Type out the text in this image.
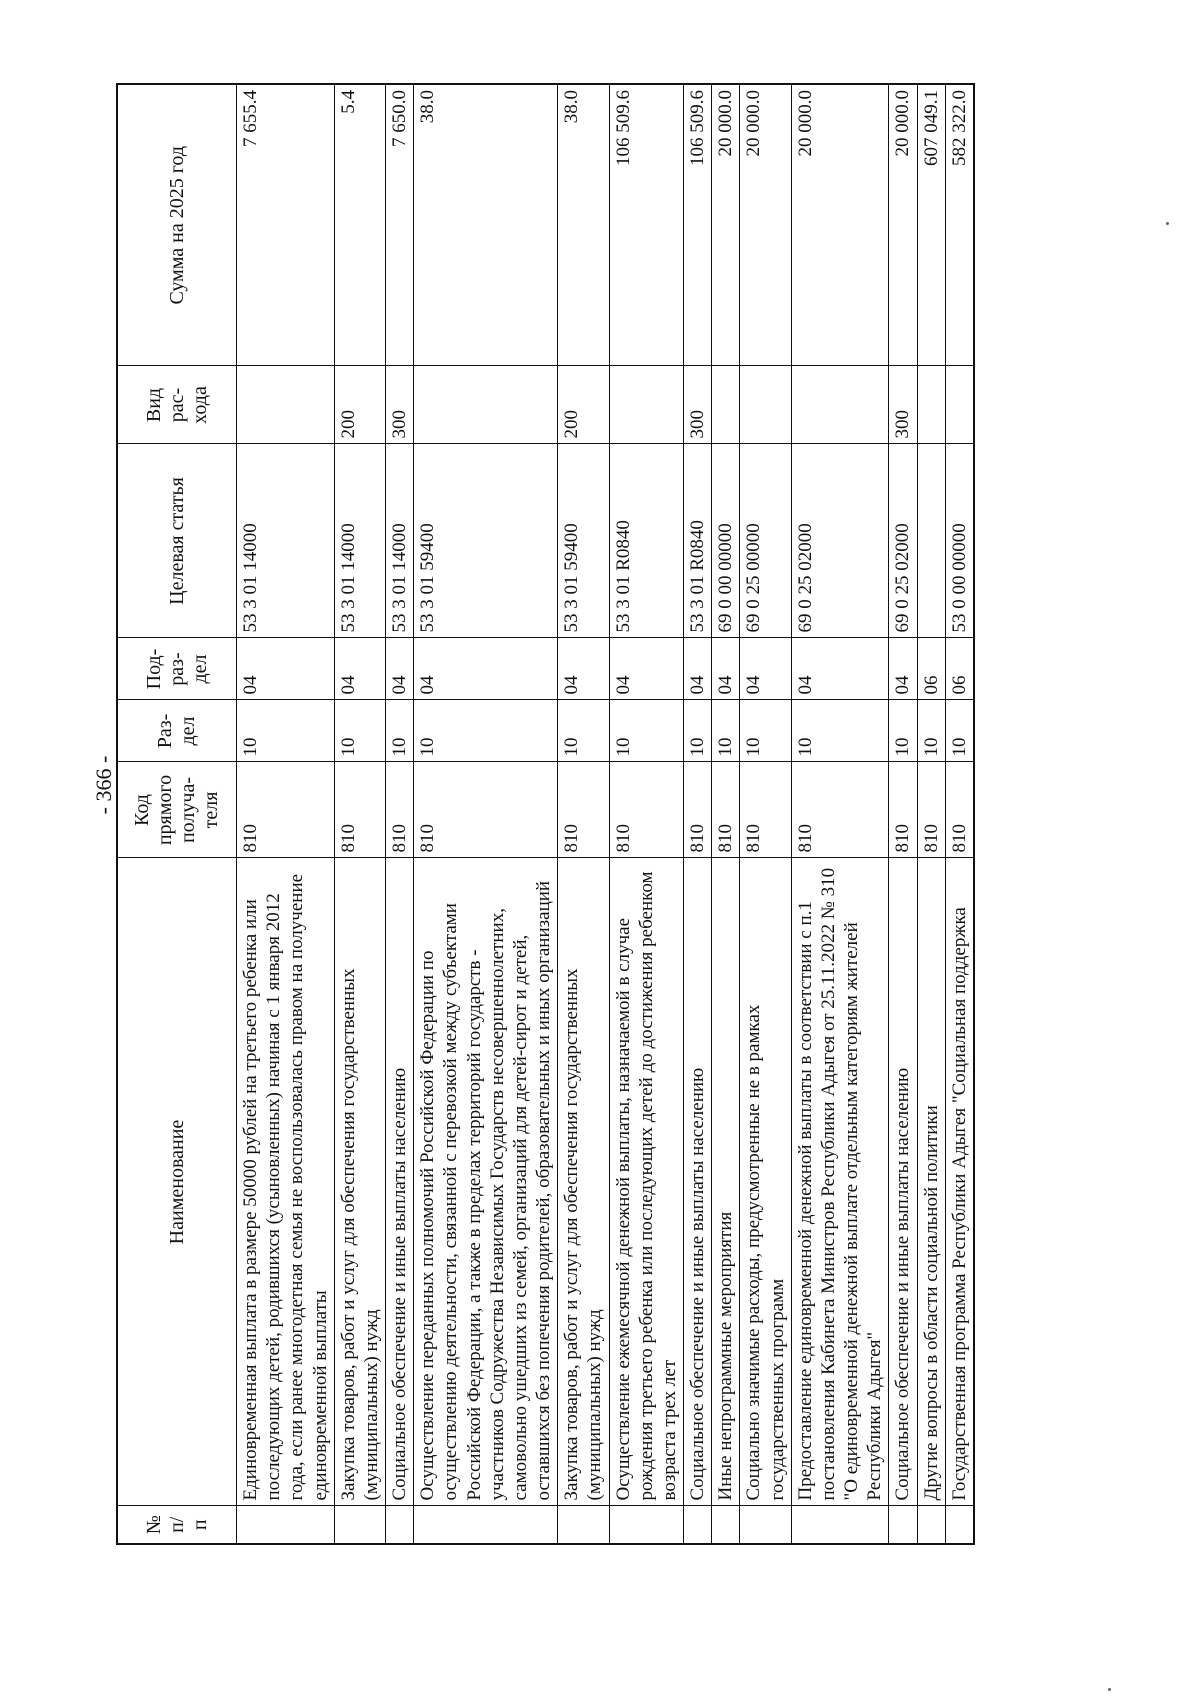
- 366 -
№ п/п	Наименование	Код прямого получа-теля	Раз-дел	Под-раз-дел	Целевая статья	Вид рас-хода	Сумма на 2025 год
	Единовременная выплата в размере 50000 рублей на третьего ребенка или последующих детей, родившихся (усыновленных) начиная с 1 января 2012 года, если ранее многодетная семья не воспользовалась правом на получение единовременной выплаты	810	10	04	53 3 01 14000		7 655.4
	Закупка товаров, работ и услуг для обеспечения государственных (муниципальных) нужд	810	10	04	53 3 01 14000	200	5.4
	Социальное обеспечение и иные выплаты населению	810	10	04	53 3 01 14000	300	7 650.0
	Осуществление переданных полномочий Российской Федерации по осуществлению деятельности, связанной с перевозкой между субъектами Российской Федерации, а также в пределах территорий государств - участников Содружества Независимых Государств несовершеннолетних, самовольно ушедших из семей, организаций для детей-сирот и детей, оставшихся без попечения родителей, образовательных и иных организаций	810	10	04	53 3 01 59400		38.0
	Закупка товаров, работ и услуг для обеспечения государственных (муниципальных) нужд	810	10	04	53 3 01 59400	200	38.0
	Осуществление ежемесячной денежной выплаты, назначаемой в случае рождения третьего ребенка или последующих детей до достижения ребенком возраста трех лет	810	10	04	53 3 01 R0840		106 509.6
	Социальное обеспечение и иные выплаты населению	810	10	04	53 3 01 R0840	300	106 509.6
	Иные непрограммные мероприятия	810	10	04	69 0 00 00000		20 000.0
	Социально значимые расходы, предусмотренные не в рамках государственных программ	810	10	04	69 0 25 00000		20 000.0
	Предоставление единовременной денежной выплаты в соответствии с п.1 постановления Кабинета Министров Республики Адыгея от 25.11.2022 № 310 "О единовременной денежной выплате отдельным категориям жителей Республики Адыгея"	810	10	04	69 0 25 02000		20 000.0
	Социальное обеспечение и иные выплаты населению	810	10	04	69 0 25 02000	300	20 000.0
	Другие вопросы в области социальной политики	810	10	06			607 049.1
	Государственная программа Республики Адыгея "Социальная поддержка	810	10	06	53 0 00 00000		582 322.0
